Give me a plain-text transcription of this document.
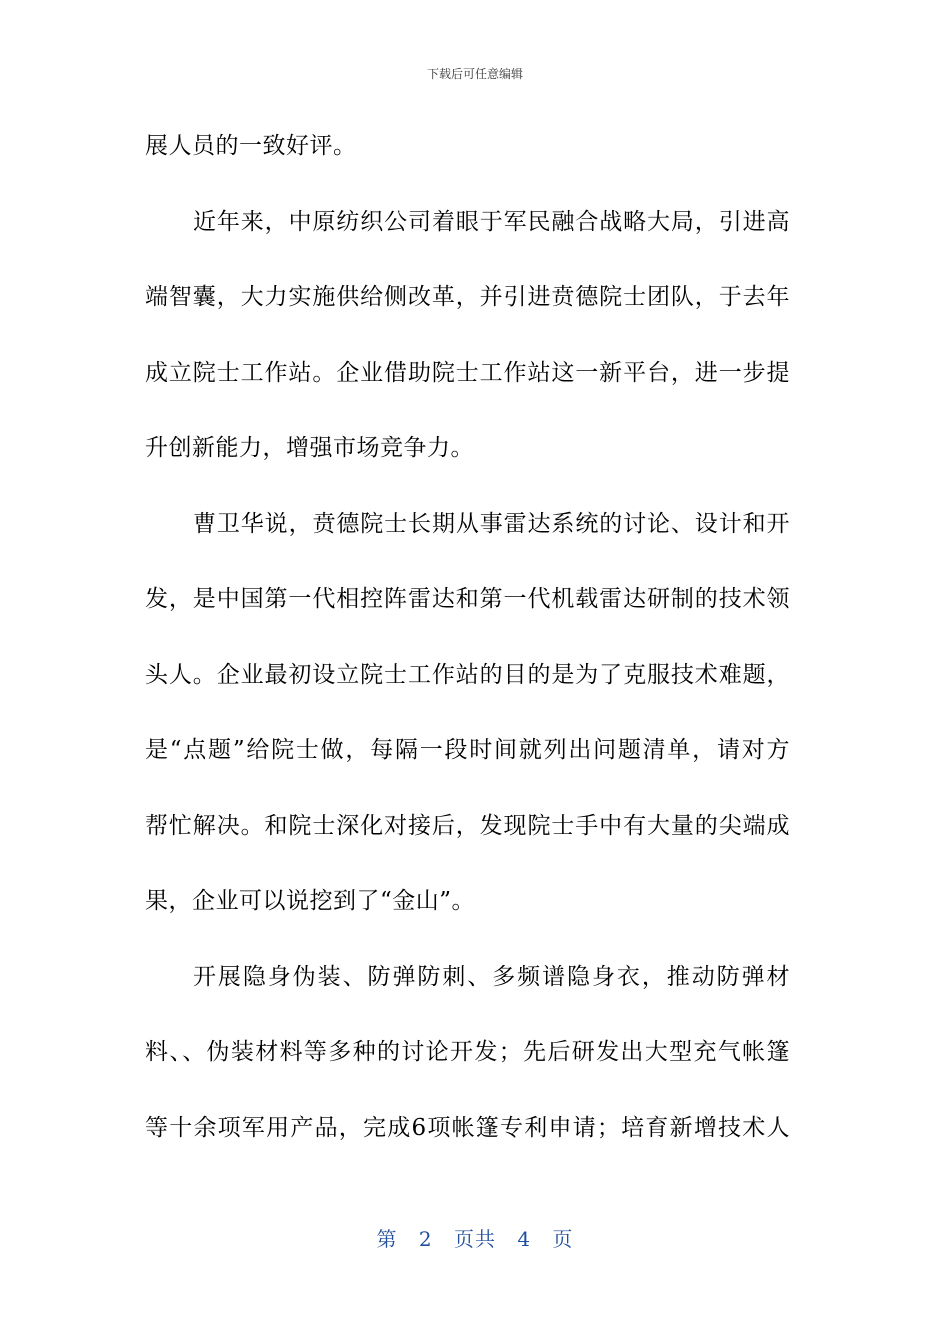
下载后可任意编辑
展人员的一致好评。
近年来，中原纺织公司着眼于军民融合战略大局，引进高
端智囊，大力实施供给侧改革，并引进贲德院士团队，于去年
成立院士工作站。企业借助院士工作站这一新平台，进一步提
升创新能力，增强市场竞争力。
曹卫华说，贲德院士长期从事雷达系统的讨论、设计和开
发，是中国第一代相控阵雷达和第一代机载雷达研制的技术领
头人。企业最初设立院士工作站的目的是为了克服技术难题，
是“点题”给院士做，每隔一段时间就列出问题清单，请对方
帮忙解决。和院士深化对接后，发现院士手中有大量的尖端成
果，企业可以说挖到了“金山”。
开展隐身伪装、防弹防刺、多频谱隐身衣，推动防弹材
料、、伪装材料等多种的讨论开发；先后研发出大型充气帐篷
等十余项军用产品，完成6项帐篷专利申请；培育新增技术人
第 2 页共 4 页
